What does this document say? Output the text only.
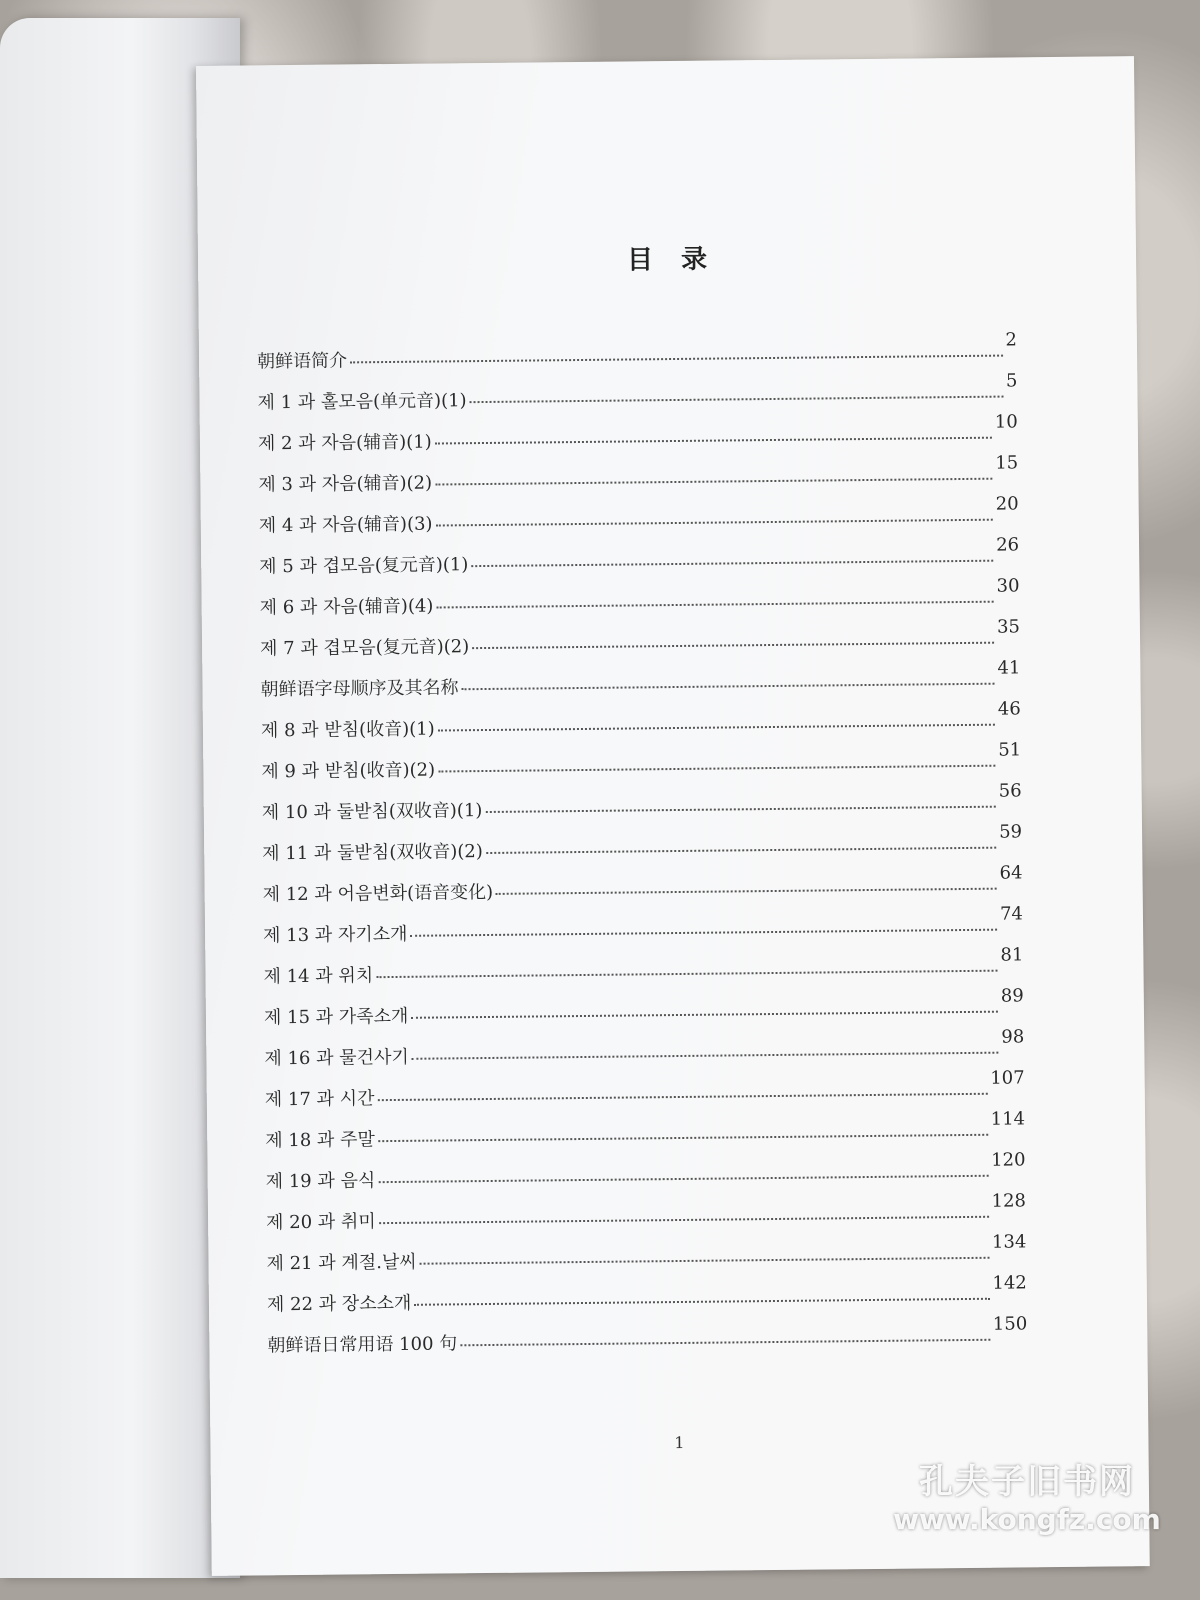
目录
朝鲜语简介
2
제 1 과 홀모음(单元音)(1)
5
제 2 과 자음(辅音)(1)
10
제 3 과 자음(辅音)(2)
15
제 4 과 자음(辅音)(3)
20
제 5 과 겹모음(复元音)(1)
26
제 6 과 자음(辅音)(4)
30
제 7 과 겹모음(复元音)(2)
35
朝鲜语字母顺序及其名称
41
제 8 과 받침(收音)(1)
46
제 9 과 받침(收音)(2)
51
제 10 과 둘받침(双收音)(1)
56
제 11 과 둘받침(双收音)(2)
59
제 12 과 어음변화(语音变化)
64
제 13 과 자기소개
74
제 14 과 위치
81
제 15 과 가족소개
89
제 16 과 물건사기
98
제 17 과 시간
107
제 18 과 주말
114
제 19 과 음식
120
제 20 과 취미
128
제 21 과 계절.날씨
134
제 22 과 장소소개
142
朝鲜语日常用语 100 句
150
1
孔夫子旧书网
www.kongfz.com
